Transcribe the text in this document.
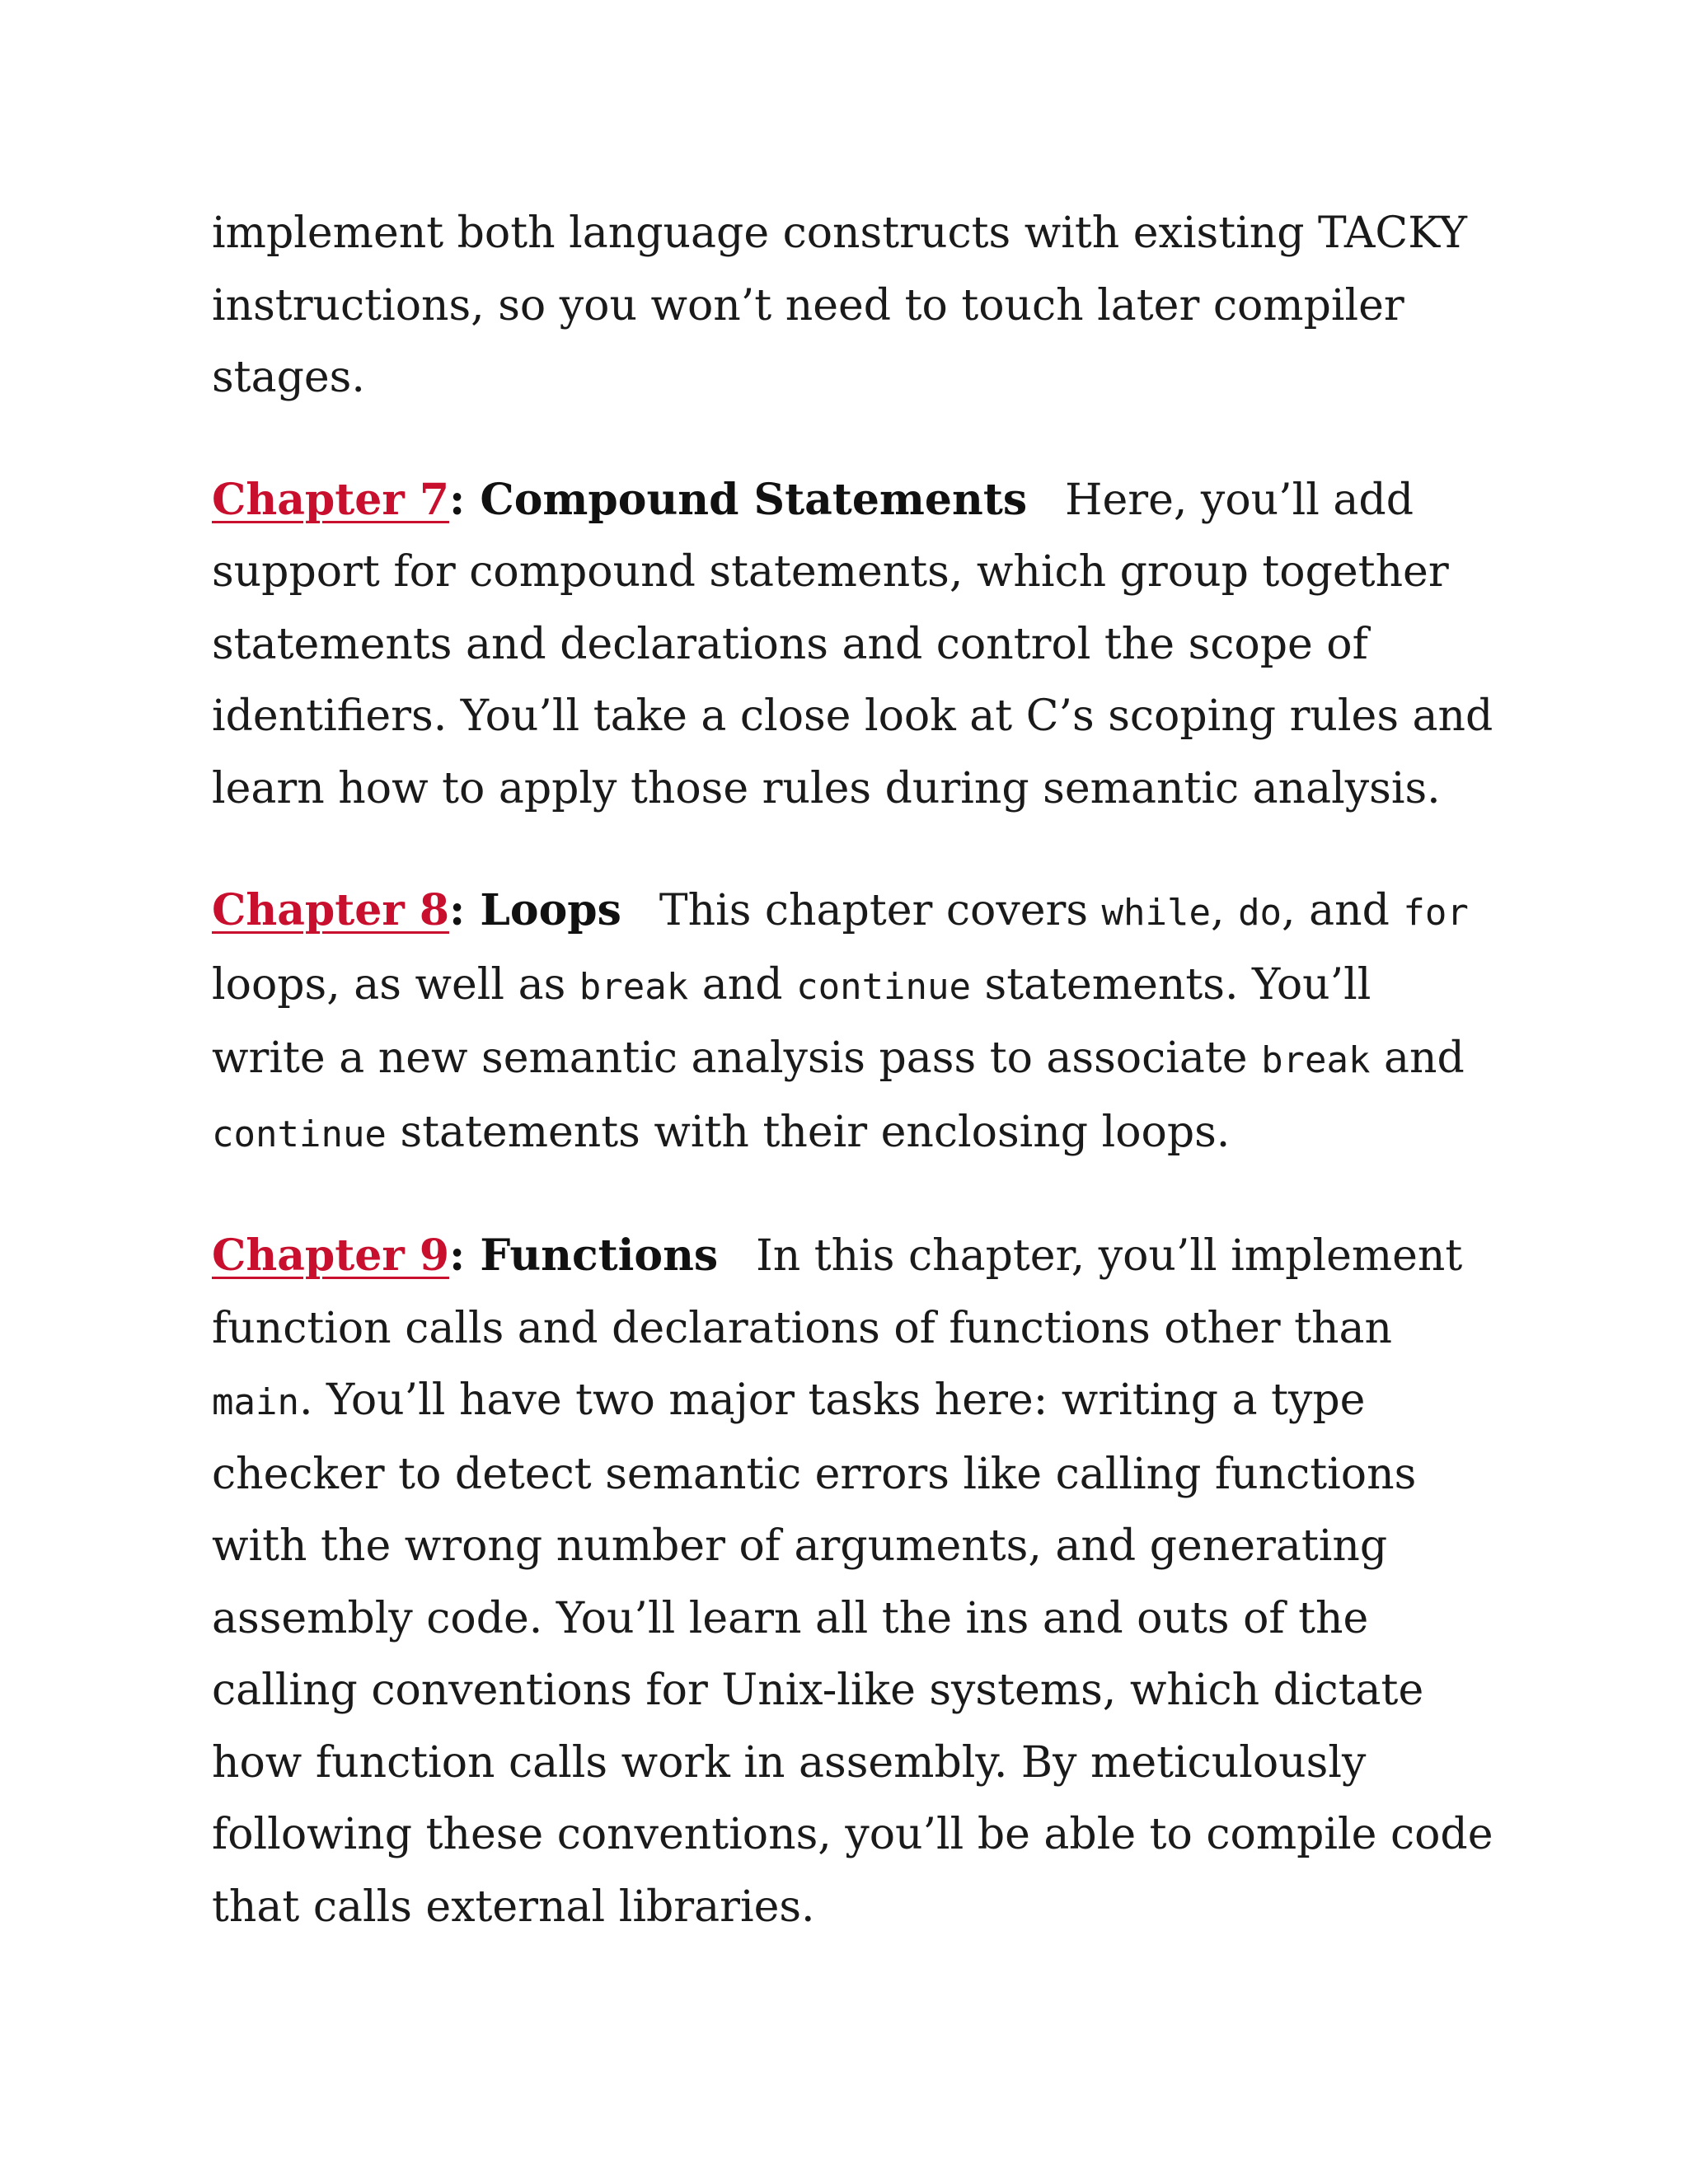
implement both language constructs with existing TACKY instructions, so you won’t need to touch later compiler stages.

Chapter 7: Compound Statements Here, you’ll add support for compound statements, which group together statements and declarations and control the scope of identifiers. You’ll take a close look at C’s scoping rules and learn how to apply those rules during semantic analysis.

Chapter 8: Loops This chapter covers while, do, and for loops, as well as break and continue statements. You’ll write a new semantic analysis pass to associate break and continue statements with their enclosing loops.

Chapter 9: Functions In this chapter, you’ll implement function calls and declarations of functions other than main. You’ll have two major tasks here: writing a type checker to detect semantic errors like calling functions with the wrong number of arguments, and generating assembly code. You’ll learn all the ins and outs of the calling conventions for Unix-like systems, which dictate how function calls work in assembly. By meticulously following these conventions, you’ll be able to compile code that calls external libraries.
